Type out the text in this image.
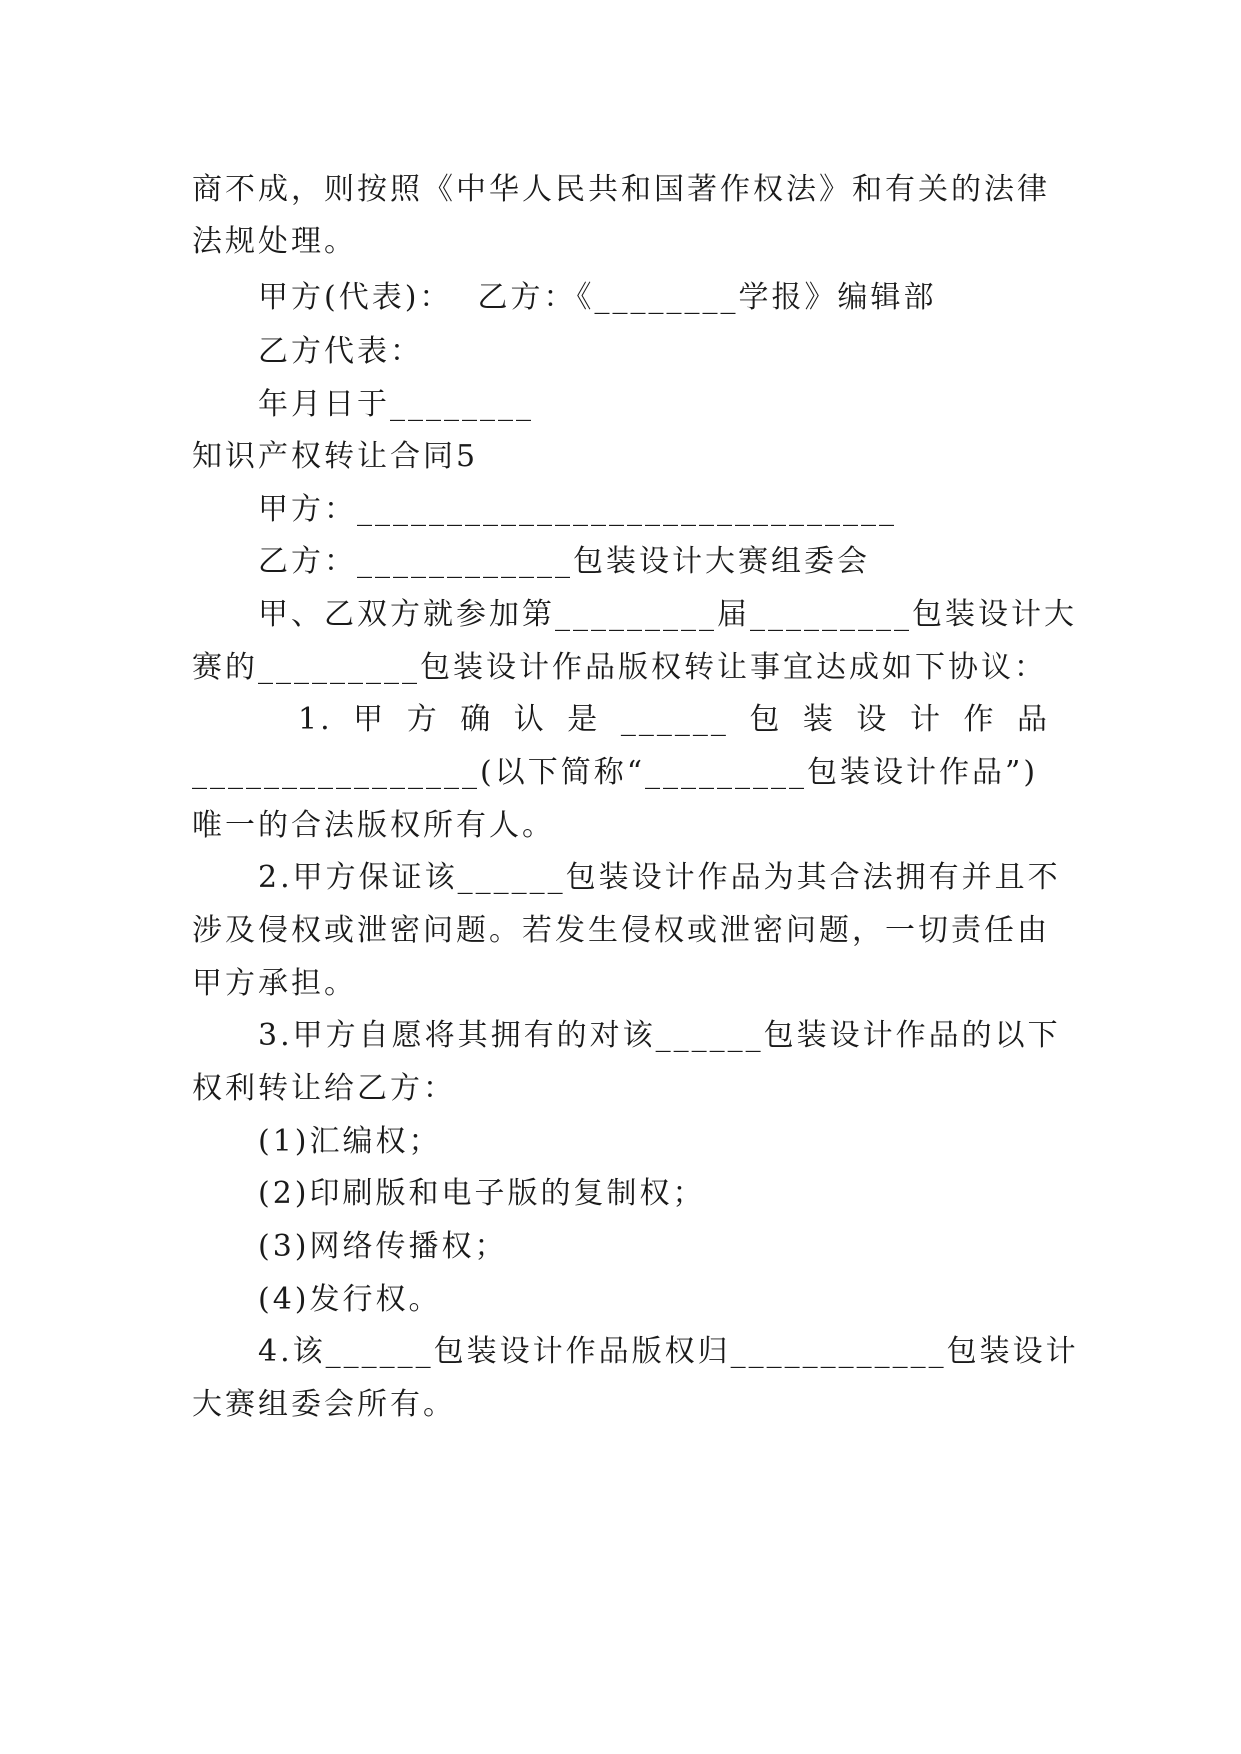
商不成，则按照《中华人民共和国著作权法》和有关的法律
法规处理。
甲方(代表)：  乙方：《________学报》编辑部
乙方代表：
年月日于________
知识产权转让合同5
甲方：______________________________
乙方：____________包装设计大赛组委会
甲、乙双方就参加第_________届_________包装设计大
赛的_________包装设计作品版权转让事宜达成如下协议：
1. 甲 方 确 认 是 ______ 包 装 设 计 作 品
________________(以下简称“_________包装设计作品”)
唯一的合法版权所有人。
2.甲方保证该______包装设计作品为其合法拥有并且不
涉及侵权或泄密问题。若发生侵权或泄密问题，一切责任由
甲方承担。
3.甲方自愿将其拥有的对该______包装设计作品的以下
权利转让给乙方：
(1)汇编权；
(2)印刷版和电子版的复制权；
(3)网络传播权；
(4)发行权。
4.该______包装设计作品版权归____________包装设计
大赛组委会所有。
